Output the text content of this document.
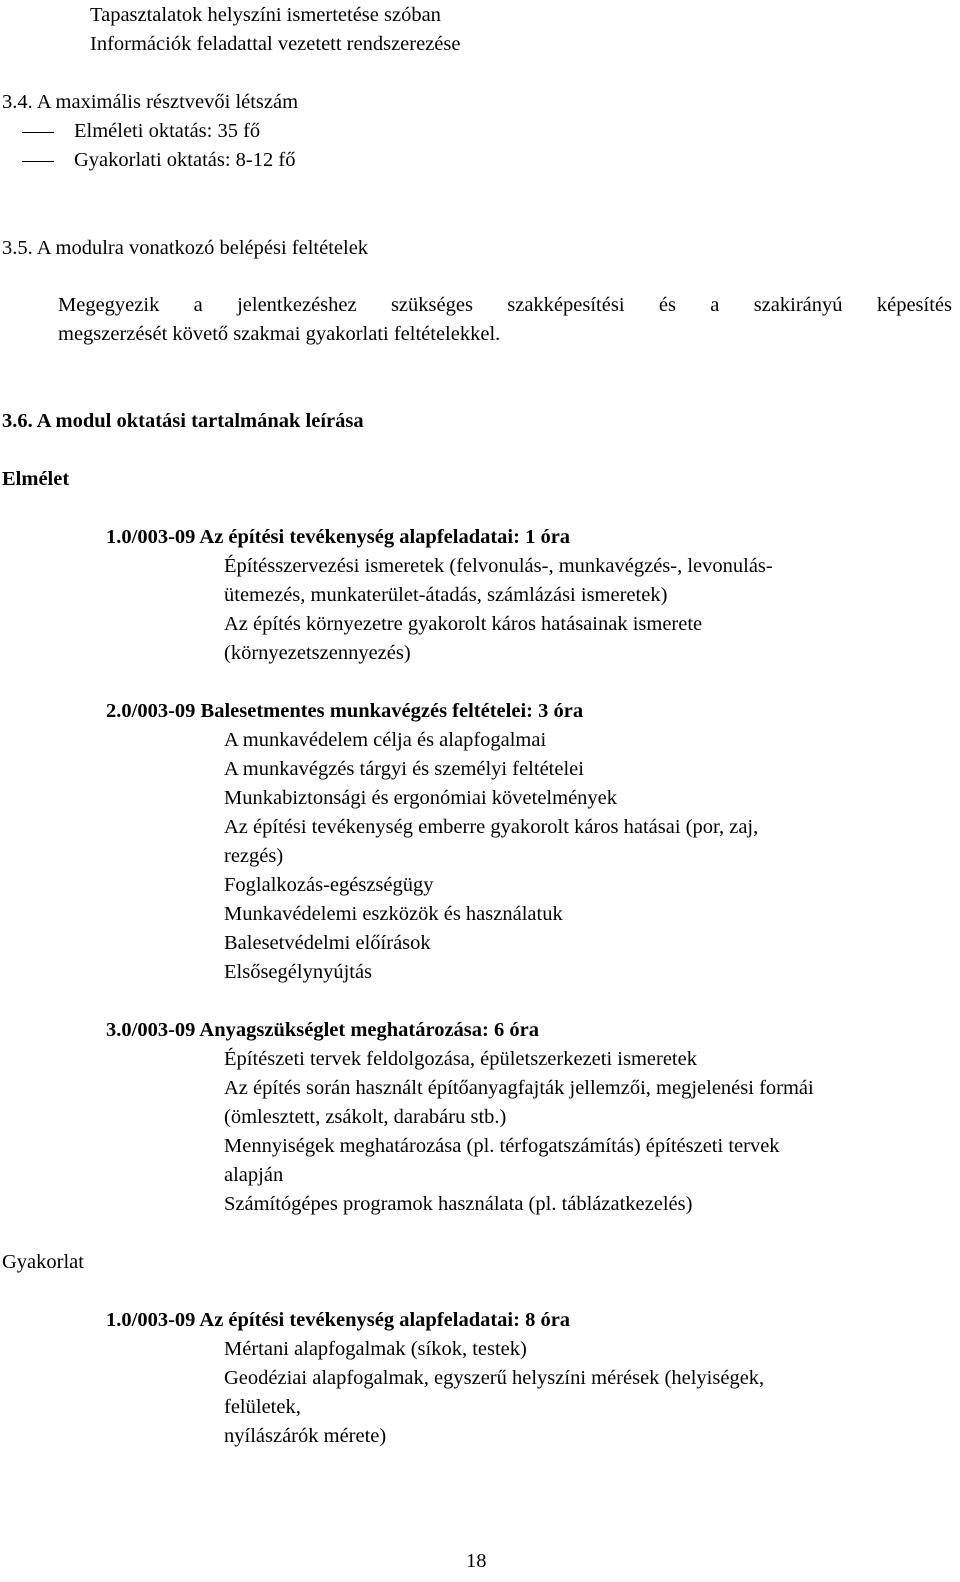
Tapasztalatok helyszíni ismertetése szóban
Információk feladattal vezetett rendszerezése
3.4. A maximális résztvevői létszám
Elméleti oktatás: 35 fő
Gyakorlati oktatás: 8-12 fő
3.5. A modulra vonatkozó belépési feltételek
Megegyezik a jelentkezéshez szükséges szakképesítési és a szakirányú képesítés
megszerzését követő szakmai gyakorlati feltételekkel.
3.6. A modul oktatási tartalmának leírása
Elmélet
1.0/003-09 Az építési tevékenység alapfeladatai: 1 óra
Építésszervezési ismeretek (felvonulás-, munkavégzés-, levonulás-
ütemezés, munkaterület-átadás, számlázási ismeretek)
Az építés környezetre gyakorolt káros hatásainak ismerete
(környezetszennyezés)
2.0/003-09 Balesetmentes munkavégzés feltételei: 3 óra
A munkavédelem célja és alapfogalmai
A munkavégzés tárgyi és személyi feltételei
Munkabiztonsági és ergonómiai követelmények
Az építési tevékenység emberre gyakorolt káros hatásai (por, zaj,
rezgés)
Foglalkozás-egészségügy
Munkavédelemi eszközök és használatuk
Balesetvédelmi előírások
Elsősegélynyújtás
3.0/003-09 Anyagszükséglet meghatározása: 6 óra
Építészeti tervek feldolgozása, épületszerkezeti ismeretek
Az építés során használt építőanyagfajták jellemzői, megjelenési formái
(ömlesztett, zsákolt, darabáru stb.)
Mennyiségek meghatározása (pl. térfogatszámítás) építészeti tervek
alapján
Számítógépes programok használata (pl. táblázatkezelés)
Gyakorlat
1.0/003-09 Az építési tevékenység alapfeladatai: 8 óra
Mértani alapfogalmak (síkok, testek)
Geodéziai alapfogalmak, egyszerű helyszíni mérések (helyiségek,
felületek,
nyílászárók mérete)
18
